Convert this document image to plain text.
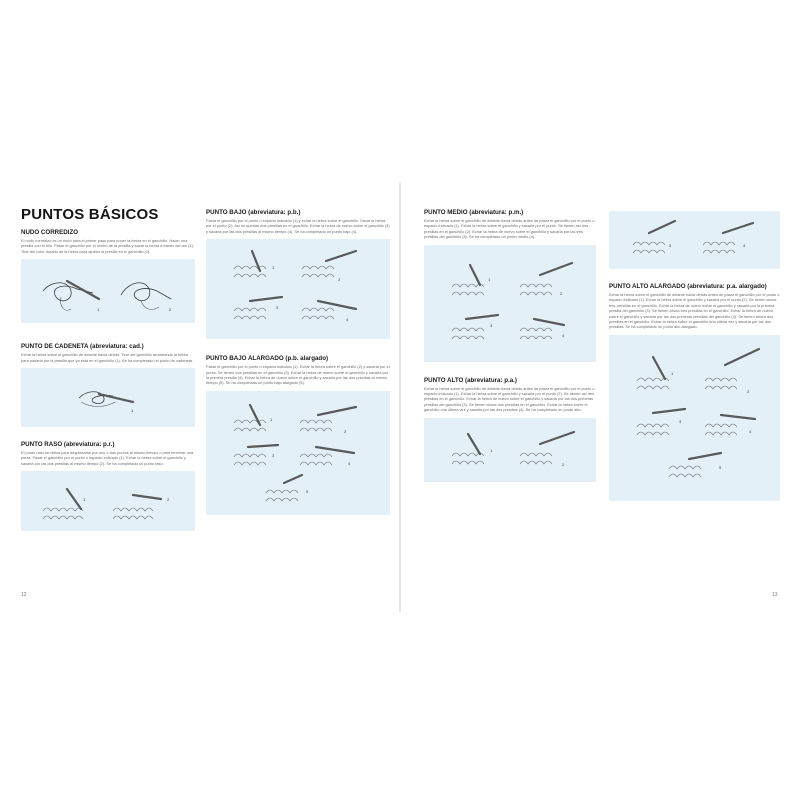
PUNTOS BÁSICOS
NUDO CORREDIZO

El nudo corredizo es un nudo para el primer paso para poner la hebra en el ganchillo. Hacer una presilla con el hilo. Pasar el ganchillo por el centro de la presilla y sacar la hebra a través del aro (1). Tirar del color dorado de la hebra para ajustar la presilla en el ganchillo (2).

1	2
PUNTO DE CADENETA (abreviatura: cad.)

Echar la hebra sobre el ganchillo de delante hacia detrás. Tirar del ganchillo arrastrando la hebra para pasarla por la presilla que ya está en el ganchillo (1). Se ha completado un punto de cadeneta.

1
PUNTO RASO (abreviatura: p.r.)

El punto raso se utiliza para desplazarse por uno o dos puntos al mismo tiempo o para terminar una pieza. Pasar el ganchillo por el punto o espacio indicado (1). Echar la hebra sobre el ganchillo y sacarla por las dos presillas al mismo tiempo (2). Se ha completado un punto raso.

1	2
PUNTO BAJO (abreviatura: p.b.)

Pasar el ganchillo por el punto o espacio indicado (1) y echar la hebra sobre el ganchillo. Sacar la hebra por el punto (2). Así se quedan dos presillas en el ganchillo. Echar la hebra de nuevo sobre el ganchillo (3) y sacarla por las dos presillas al mismo tiempo (4). Se ha completado un punto bajo (4).

1
2
3
4
PUNTO BAJO ALARGADO (p.b. alargado)

Pasar el ganchillo por el punto o espacio indicado (1). Echar la hebra sobre el ganchillo (2) y sacarla por el punto. Se tienen dos presillas en el ganchillo (3). Echar la hebra de nuevo sobre el ganchillo y sacarla por la primera presilla (4). Echar la hebra de nuevo sobre el ganchillo y sacarla por las dos presillas al mismo tiempo (5). Se ha completado un punto bajo alargado (5).

1
2
3
4
5
PUNTO MEDIO (abreviatura: p.m.)

Echar la hebra sobre el ganchillo de delante hacia detrás antes de pasar el ganchillo por el punto o espacio indicado (1). Echar la hebra sobre el ganchillo y sacarla por el punto. Se tienen así tres presillas en el ganchillo (2). Echar la hebra de nuevo sobre el ganchillo y sacarla por las tres presillas del ganchillo (3). Se ha completado un punto medio (4).

1
2
3
4
PUNTO ALTO (abreviatura: p.a.)

Echar la hebra sobre el ganchillo de delante hacia detrás antes de pasar el ganchillo por el punto o espacio indicado (1). Echar la hebra sobre el ganchillo y sacarla por el punto (2). Se tienen así tres presillas en el ganchillo. Echar la hebra de nuevo sobre el ganchillo y sacarla por las dos primeras presillas del ganchillo (3). Se tienen ahora dos presillas en el ganchillo. Echar la hebra sobre el ganchillo una última vez y sacarla por las dos presillas (4). Se ha completado un punto alto.

1
2
3	4
PUNTO ALTO ALARGADO (abreviatura: p.a. alargado)

Echar la hebra sobre el ganchillo de delante hacia detrás antes de pasar el ganchillo por el punto o espacio indicado (1). Echar la hebra sobre el ganchillo y sacarla por el punto (2). Se tienen ahora tres presillas en el ganchillo. Echar la hebra de nuevo sobre el ganchillo y sacarla por la primera presilla del ganchillo (3). Se tienen ahora tres presillas en el ganchillo. Echar la hebra de nuevo sobre el ganchillo y sacarla por las dos primeras presillas del ganchillo (4). Se tienen ahora dos presillas en el ganchillo. Echar la hebra sobre el ganchillo una última vez y sacarla por las dos presillas. Se ha completado un punto alto alargado.

1
2
3
4
5
12	13
